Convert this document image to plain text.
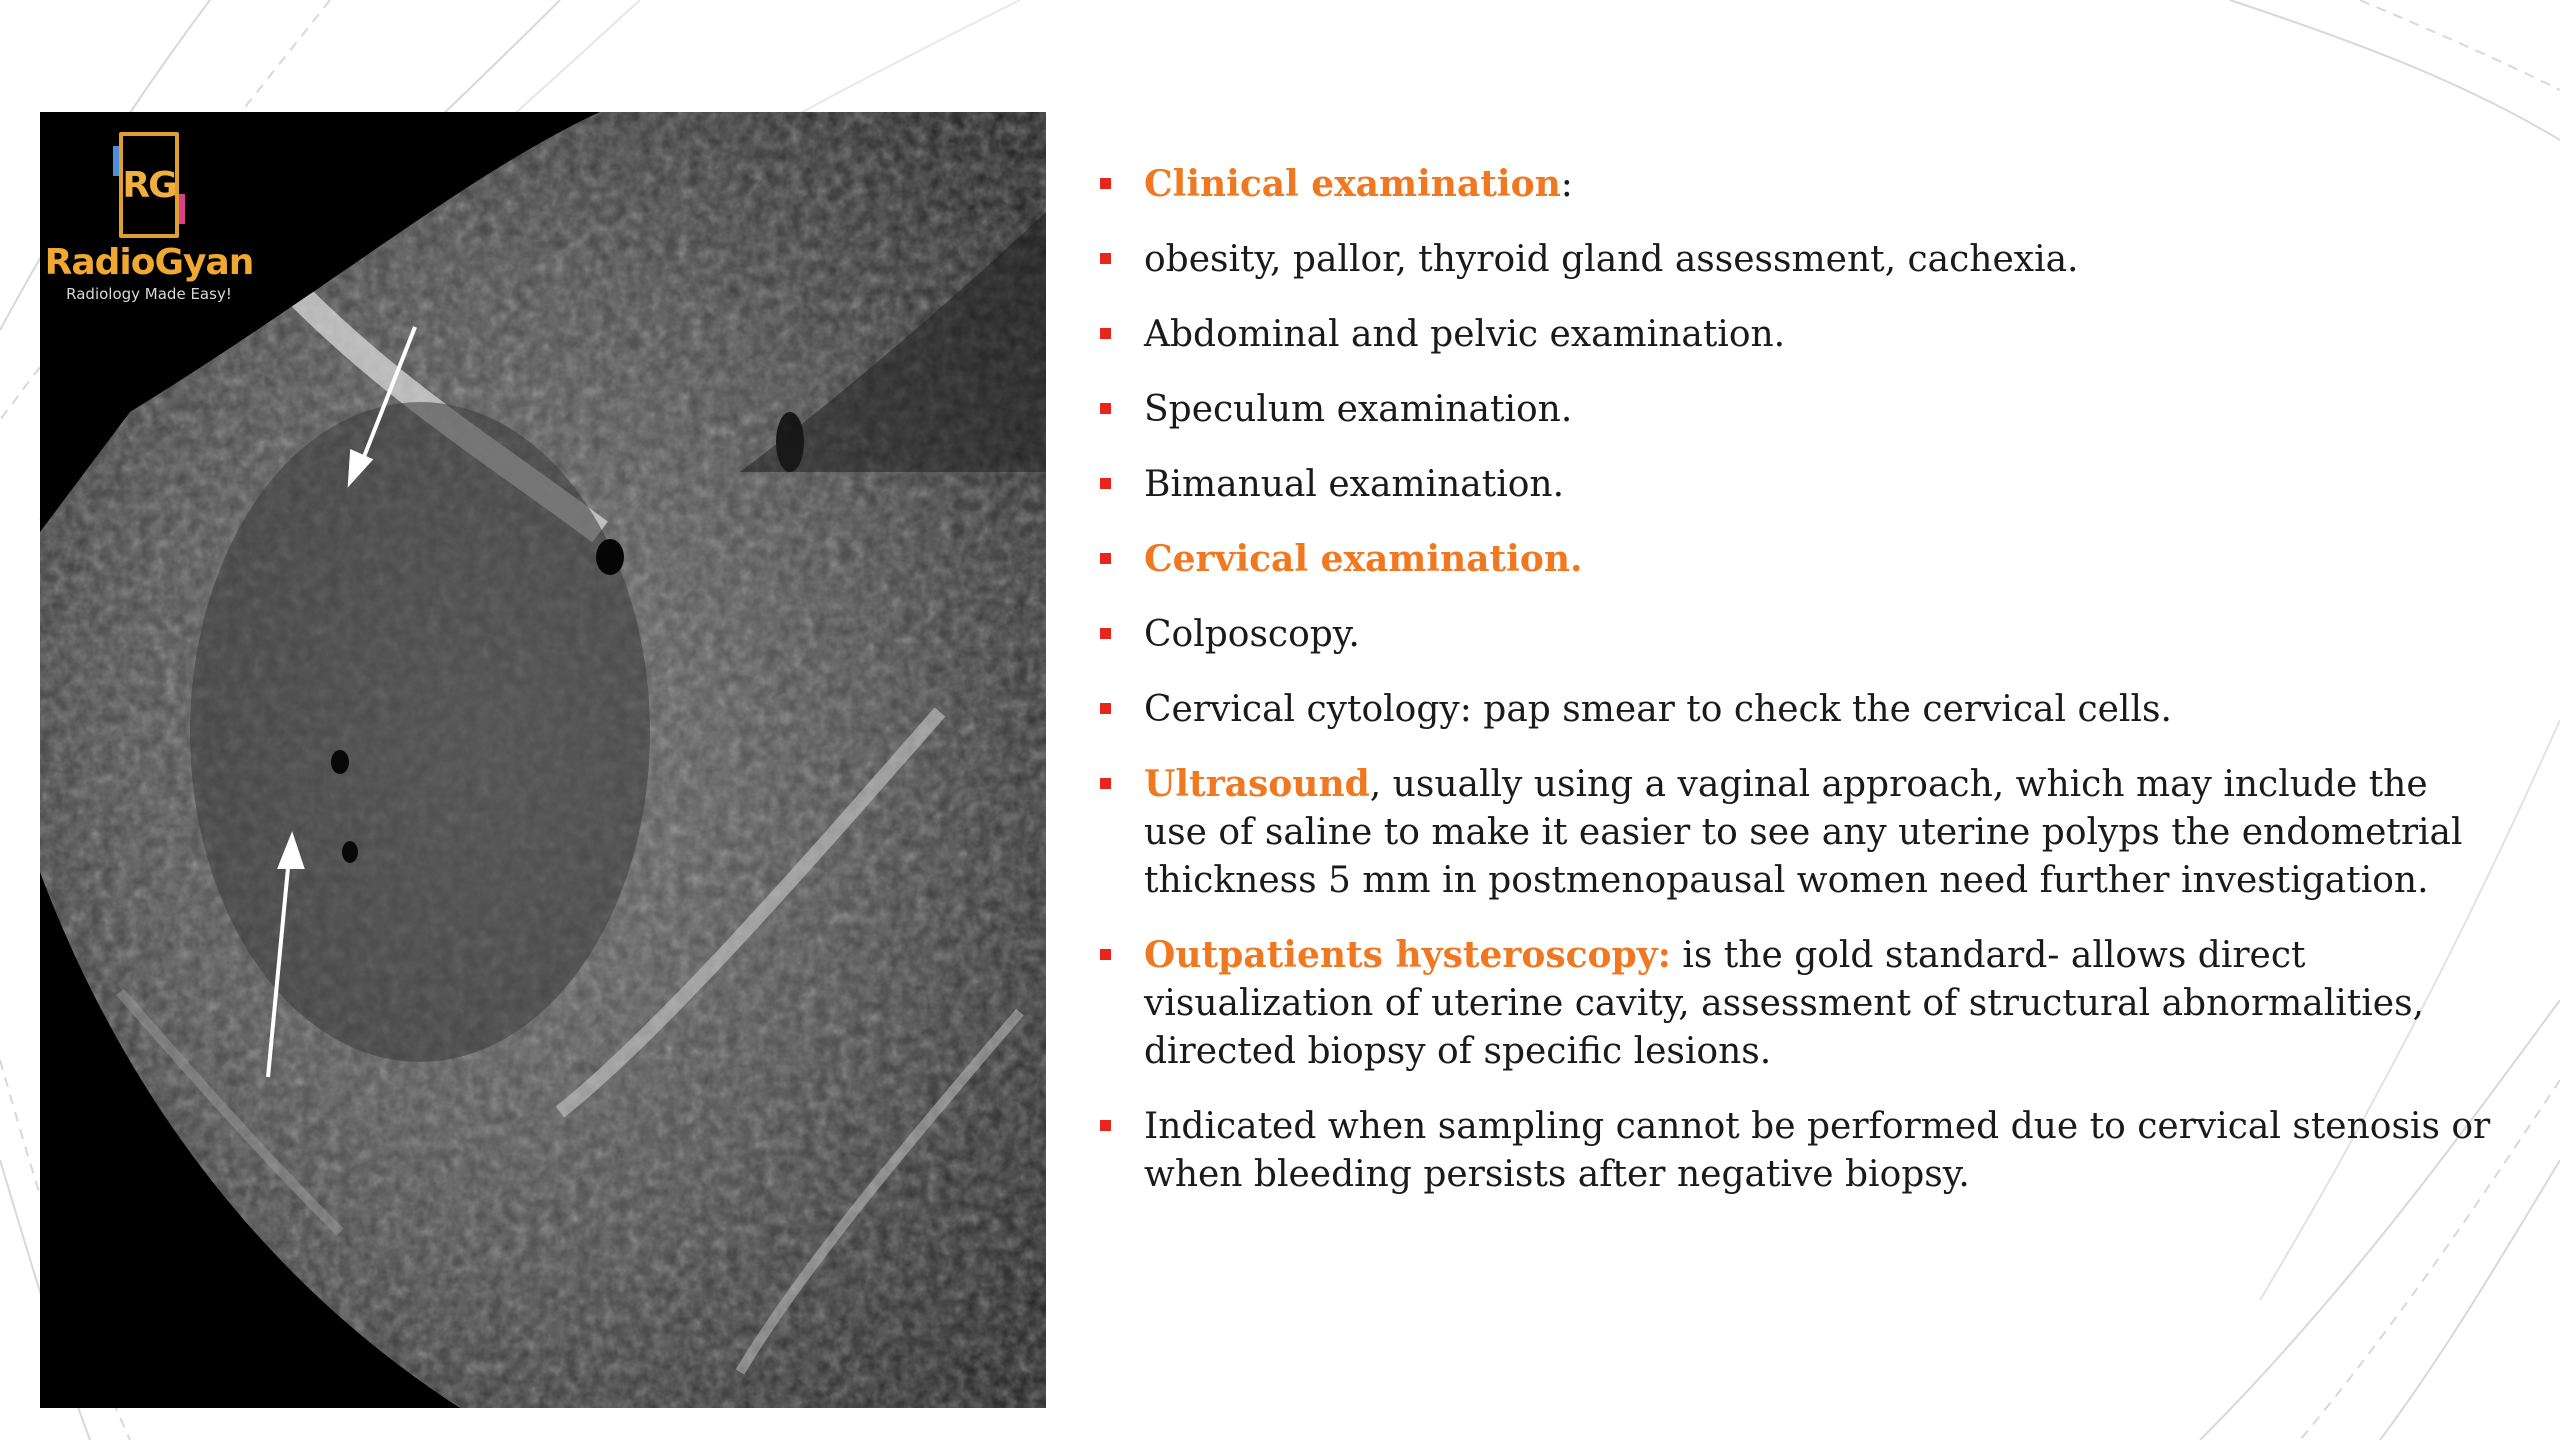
RG
RadioGyan
Radiology Made Easy!
Clinical examination:
obesity, pallor, thyroid gland assessment, cachexia.
Abdominal and pelvic examination.
Speculum examination.
Bimanual examination.
Cervical examination.
Colposcopy.
Cervical cytology: pap smear to check the cervical cells.
Ultrasound, usually using a vaginal approach, which may include the use of saline to make it easier to see any uterine polyps the endometrial thickness 5 mm in postmenopausal women need further investigation.
Outpatients hysteroscopy: is the gold standard- allows direct visualization of uterine cavity, assessment of structural abnormalities, directed biopsy of specific lesions.
Indicated when sampling cannot be performed due to cervical stenosis or when bleeding persists after negative biopsy.
